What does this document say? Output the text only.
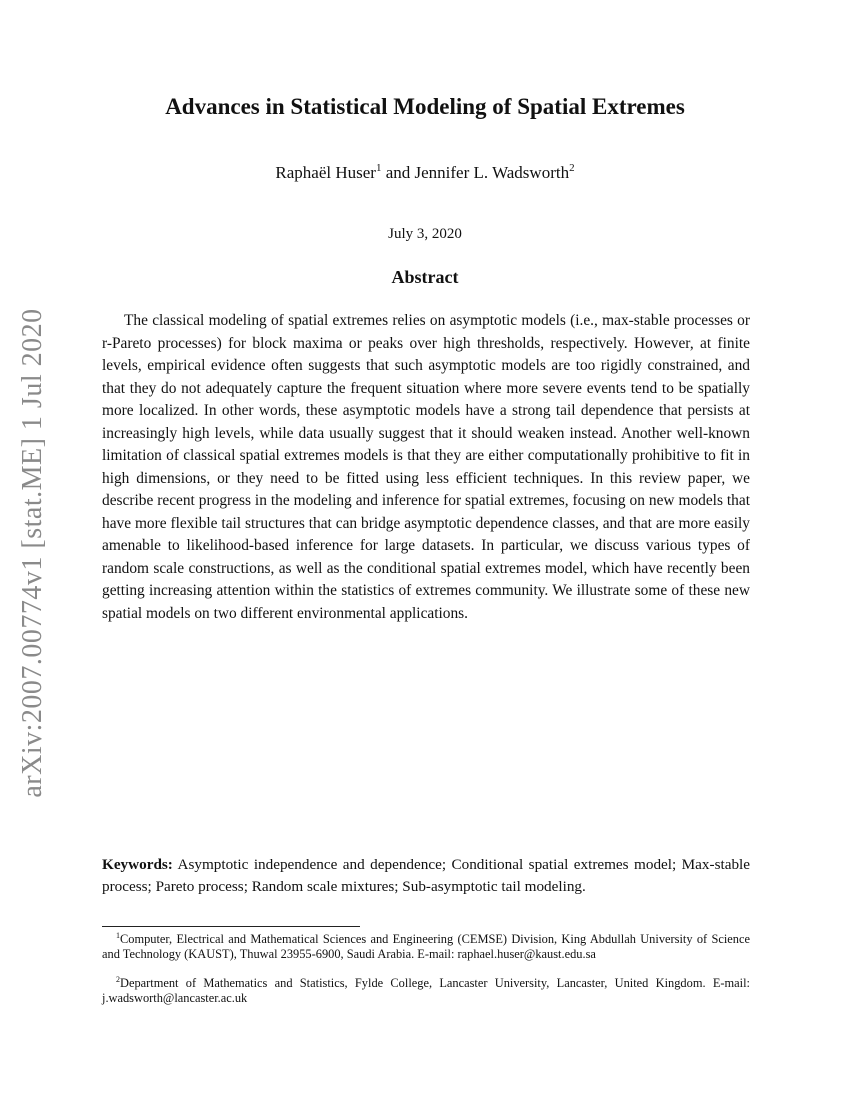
arXiv:2007.00774v1 [stat.ME] 1 Jul 2020
Advances in Statistical Modeling of Spatial Extremes
Raphaël Huser$^1$ and Jennifer L. Wadsworth$^2$
July 3, 2020
Abstract

The classical modeling of spatial extremes relies on asymptotic models (i.e., max-stable processes or r-Pareto processes) for block maxima or peaks over high thresholds, respectively. However, at finite levels, empirical evidence often suggests that such asymptotic models are too rigidly constrained, and that they do not adequately capture the frequent situation where more severe events tend to be spatially more localized. In other words, these asymptotic models have a strong tail dependence that persists at increasingly high levels, while data usually suggest that it should weaken instead. Another well-known limitation of classical spatial extremes models is that they are either computationally prohibitive to fit in high dimensions, or they need to be fitted using less efficient techniques. In this review paper, we describe recent progress in the modeling and inference for spatial extremes, focusing on new models that have more flexible tail structures that can bridge asymptotic dependence classes, and that are more easily amenable to likelihood-based inference for large datasets. In particular, we discuss various types of random scale constructions, as well as the conditional spatial extremes model, which have recently been getting increasing attention within the statistics of extremes community. We illustrate some of these new spatial models on two different environmental applications.

Keywords: Asymptotic independence and dependence; Conditional spatial extremes model; Max-stable process; Pareto process; Random scale mixtures; Sub-asymptotic tail modeling.

$^1$Computer, Electrical and Mathematical Sciences and Engineering (CEMSE) Division, King Abdullah University of Science and Technology (KAUST), Thuwal 23955-6900, Saudi Arabia. E-mail: raphael.huser@kaust.edu.sa

$^2$Department of Mathematics and Statistics, Fylde College, Lancaster University, Lancaster, United Kingdom. E-mail: j.wadsworth@lancaster.ac.uk
